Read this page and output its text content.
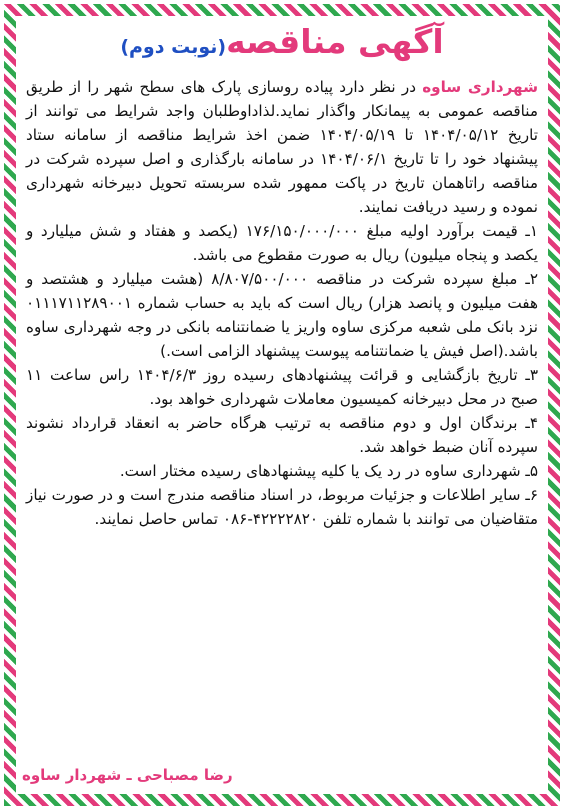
آگهی مناقصه(نوبت دوم)

شهرداری ساوه در نظر دارد پیاده روسازی پارک های سطح شهر را از طریق مناقصه عمومی به پیمانکار واگذار نماید.لذاداوطلبان واجد شرایط می توانند از تاریخ ۱۴۰۴/۰۵/۱۲ تا ۱۴۰۴/۰۵/۱۹ ضمن اخذ شرایط مناقصه از سامانه ستاد پیشنهاد خود را تا تاریخ ۱۴۰۴/۰۶/۱ در سامانه بارگذاری و اصل سپرده شرکت در مناقصه راتاهمان تاریخ در پاکت ممهور شده سربسته تحویل دبیرخانه شهرداری نموده و رسید دریافت نمایند.

۱ـ قیمت برآورد اولیه مبلغ ۱۷۶/۱۵۰/۰۰۰/۰۰۰ (یکصد و هفتاد و شش میلیارد و یکصد و پنجاه میلیون) ریال به صورت مقطوع می باشد.

۲ـ مبلغ سپرده شرکت در مناقصه ۸/۸۰۷/۵۰۰/۰۰۰ (هشت میلیارد و هشتصد و هفت میلیون و پانصد هزار) ریال است که باید به حساب شماره ۰۱۱۱۷۱۱۲۸۹۰۰۱ نزد بانک ملی شعبه مرکزی ساوه واریز یا ضمانتنامه بانکی در وجه شهرداری ساوه باشد.(اصل فیش یا ضمانتنامه پیوست پیشنهاد الزامی است.)

۳ـ تاریخ بازگشایی و قرائت پیشنهادهای رسیده روز ۱۴۰۴/۶/۳ راس ساعت ۱۱ صبح در محل دبیرخانه کمیسیون معاملات شهرداری خواهد بود.

۴ـ برندگان اول و دوم مناقصه به ترتیب هرگاه حاضر به انعقاد قرارداد نشوند سپرده آنان ضبط خواهد شد.

۵ـ شهرداری ساوه در رد یک یا کلیه پیشنهادهای رسیده مختار است.

۶ـ سایر اطلاعات و جزئیات مربوط، در اسناد مناقصه مندرج است و در صورت نیاز متقاضیان می توانند با شماره تلفن ۴۲۲۲۲۸۲۰-۰۸۶ تماس حاصل نمایند.

رضا مصباحی ـ شهردار ساوه
